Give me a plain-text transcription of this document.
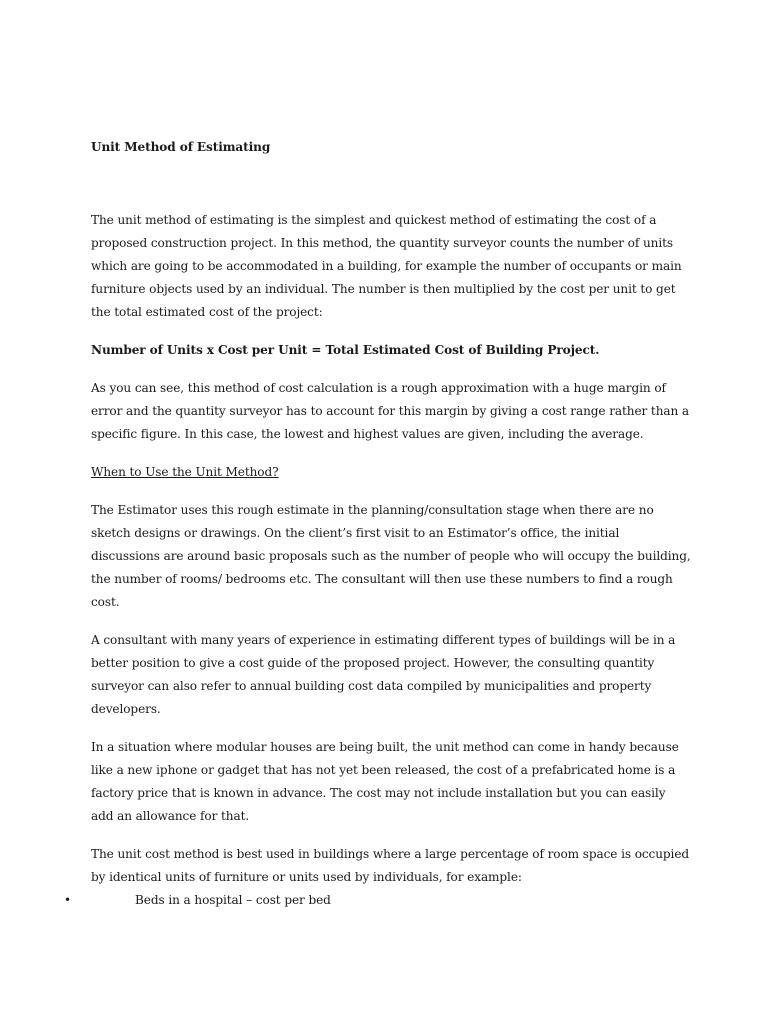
Unit Method of Estimating

The unit method of estimating is the simplest and quickest method of estimating the cost of a proposed construction project. In this method, the quantity surveyor counts the number of units which are going to be accommodated in a building, for example the number of occupants or main furniture objects used by an individual. The number is then multiplied by the cost per unit to get the total estimated cost of the project:

Number of Units x Cost per Unit = Total Estimated Cost of Building Project.

As you can see, this method of cost calculation is a rough approximation with a huge margin of error and the quantity surveyor has to account for this margin by giving a cost range rather than a specific figure. In this case, the lowest and highest values are given, including the average.

When to Use the Unit Method?

The Estimator uses this rough estimate in the planning/consultation stage when there are no sketch designs or drawings. On the client’s first visit to an Estimator’s office, the initial discussions are around basic proposals such as the number of people who will occupy the building, the number of rooms/ bedrooms etc. The consultant will then use these numbers to find a rough cost.

A consultant with many years of experience in estimating different types of buildings will be in a better position to give a cost guide of the proposed project. However, the consulting quantity surveyor can also refer to annual building cost data compiled by municipalities and property developers.

In a situation where modular houses are being built, the unit method can come in handy because like a new iphone or gadget that has not yet been released, the cost of a prefabricated home is a factory price that is known in advance. The cost may not include installation but you can easily add an allowance for that.

The unit cost method is best used in buildings where a large percentage of room space is occupied by identical units of furniture or units used by individuals, for example:

•	Beds in a hospital – cost per bed
